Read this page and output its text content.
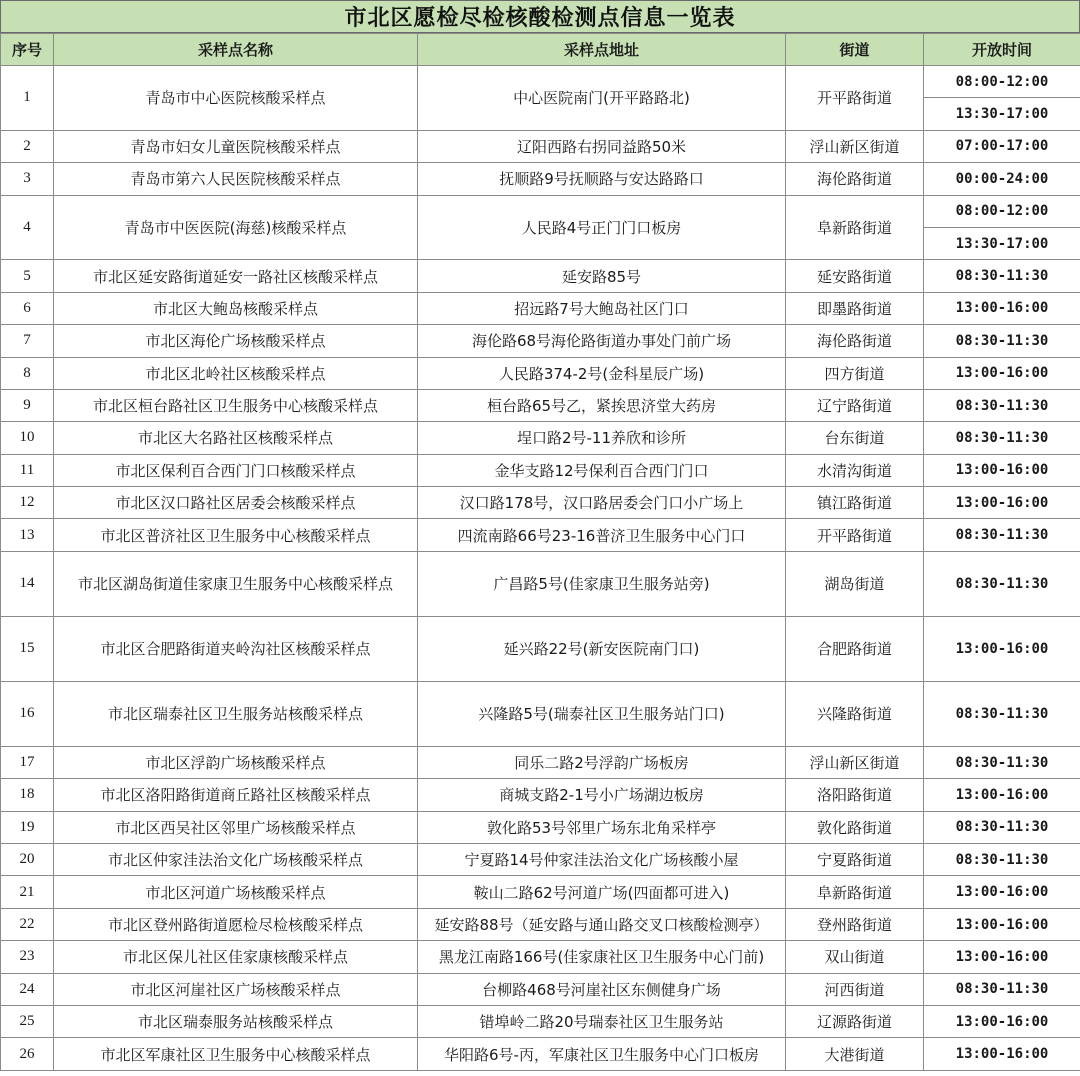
市北区愿检尽检核酸检测点信息一览表
序号	采样点名称	采样点地址	街道	开放时间
1	青岛市中心医院核酸采样点	中心医院南门(开平路路北)	开平路街道	08:00-12:00
				13:30-17:00
2	青岛市妇女儿童医院核酸采样点	辽阳西路右拐同益路50米	浮山新区街道	07:00-17:00
3	青岛市第六人民医院核酸采样点	抚顺路9号抚顺路与安达路路口	海伦路街道	00:00-24:00
4	青岛市中医医院(海慈)核酸采样点	人民路4号正门门口板房	阜新路街道	08:00-12:00
				13:30-17:00
5	市北区延安路街道延安一路社区核酸采样点	延安路85号	延安路街道	08:30-11:30
6	市北区大鲍岛核酸采样点	招远路7号大鲍岛社区门口	即墨路街道	13:00-16:00
7	市北区海伦广场核酸采样点	海伦路68号海伦路街道办事处门前广场	海伦路街道	08:30-11:30
8	市北区北岭社区核酸采样点	人民路374-2号(金科星辰广场)	四方街道	13:00-16:00
9	市北区桓台路社区卫生服务中心核酸采样点	桓台路65号乙，紧挨思济堂大药房	辽宁路街道	08:30-11:30
10	市北区大名路社区核酸采样点	埕口路2号-11养欣和诊所	台东街道	08:30-11:30
11	市北区保利百合西门门口核酸采样点	金华支路12号保利百合西门门口	水清沟街道	13:00-16:00
12	市北区汉口路社区居委会核酸采样点	汉口路178号，汉口路居委会门口小广场上	镇江路街道	13:00-16:00
13	市北区普济社区卫生服务中心核酸采样点	四流南路66号23-16普济卫生服务中心门口	开平路街道	08:30-11:30
14	市北区湖岛街道佳家康卫生服务中心核酸采样点	广昌路5号(佳家康卫生服务站旁)	湖岛街道	08:30-11:30
15	市北区合肥路街道夹岭沟社区核酸采样点	延兴路22号(新安医院南门口)	合肥路街道	13:00-16:00
16	市北区瑞泰社区卫生服务站核酸采样点	兴隆路5号(瑞泰社区卫生服务站门口)	兴隆路街道	08:30-11:30
17	市北区浮韵广场核酸采样点	同乐二路2号浮韵广场板房	浮山新区街道	08:30-11:30
18	市北区洛阳路街道商丘路社区核酸采样点	商城支路2-1号小广场湖边板房	洛阳路街道	13:00-16:00
19	市北区西吴社区邻里广场核酸采样点	敦化路53号邻里广场东北角采样亭	敦化路街道	08:30-11:30
20	市北区仲家洼法治文化广场核酸采样点	宁夏路14号仲家洼法治文化广场核酸小屋	宁夏路街道	08:30-11:30
21	市北区河道广场核酸采样点	鞍山二路62号河道广场(四面都可进入)	阜新路街道	13:00-16:00
22	市北区登州路街道愿检尽检核酸采样点	延安路88号（延安路与通山路交叉口核酸检测亭）	登州路街道	13:00-16:00
23	市北区保儿社区佳家康核酸采样点	黑龙江南路166号(佳家康社区卫生服务中心门前)	双山街道	13:00-16:00
24	市北区河崖社区广场核酸采样点	台柳路468号河崖社区东侧健身广场	河西街道	08:30-11:30
25	市北区瑞泰服务站核酸采样点	错埠岭二路20号瑞泰社区卫生服务站	辽源路街道	13:00-16:00
26	市北区军康社区卫生服务中心核酸采样点	华阳路6号-丙，军康社区卫生服务中心门口板房	大港街道	13:00-16:00
